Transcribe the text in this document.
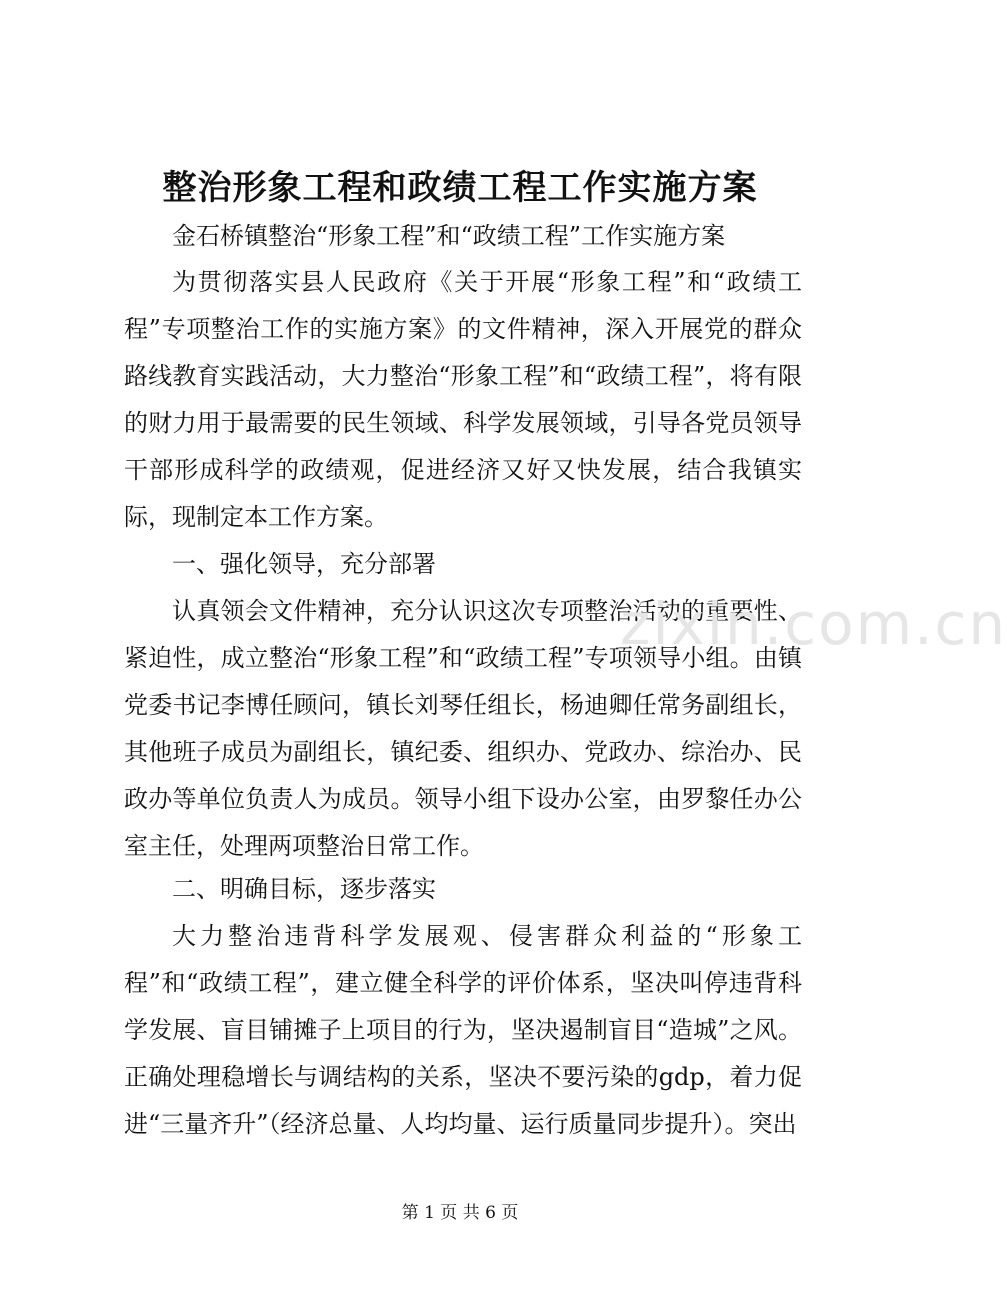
整治形象工程和政绩工程工作实施方案

金石桥镇整治“形象工程”和“政绩工程”工作实施方案

为贯彻落实县人民政府《关于开展“形象工程”和“政绩工程”专项整治工作的实施方案》的文件精神，深入开展党的群众路线教育实践活动，大力整治“形象工程”和“政绩工程”，将有限的财力用于最需要的民生领域、科学发展领域，引导各党员领导干部形成科学的政绩观，促进经济又好又快发展，结合我镇实际，现制定本工作方案。

一、强化领导，充分部署

认真领会文件精神，充分认识这次专项整治活动的重要性、紧迫性，成立整治“形象工程”和“政绩工程”专项领导小组。由镇党委书记李博任顾问，镇长刘琴任组长，杨迪卿任常务副组长，其他班子成员为副组长，镇纪委、组织办、党政办、综治办、民政办等单位负责人为成员。领导小组下设办公室，由罗黎任办公室主任，处理两项整治日常工作。

二、明确目标，逐步落实

大力整治违背科学发展观、侵害群众利益的“形象工程”和“政绩工程”，建立健全科学的评价体系，坚决叫停违背科学发展、盲目铺摊子上项目的行为，坚决遏制盲目“造城”之风。正确处理稳增长与调结构的关系，坚决不要污染的gdp，着力促进“三量齐升”（经济总量、人均均量、运行质量同步提升）。突出

zixin.com.cn
第 1 页 共 6 页
